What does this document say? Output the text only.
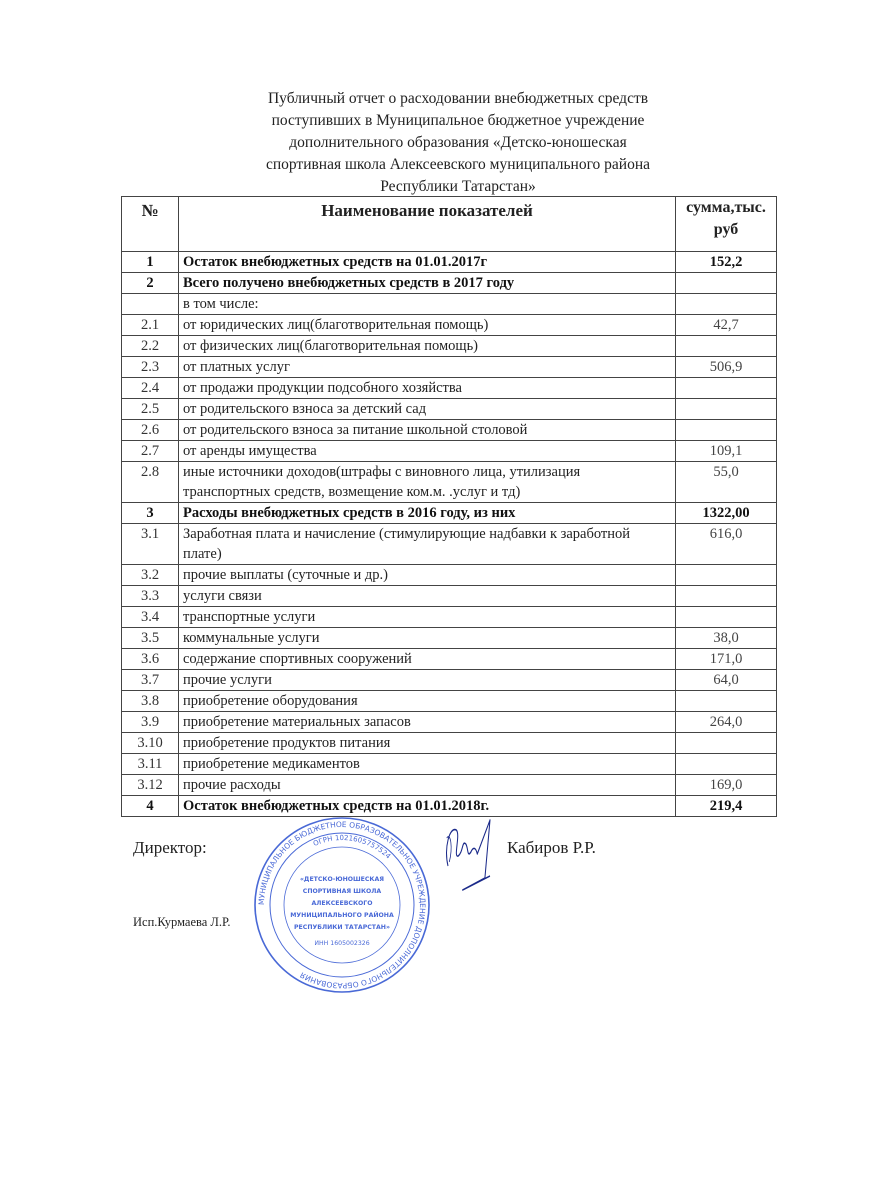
Публичный отчет о расходовании внебюджетных средств
поступивших в Муниципальное бюджетное учреждение
дополнительного образования «Детско-юношеская
спортивная школа Алексеевского муниципального района
Республики Татарстан»
№	Наименование показателей	сумма,тыс.
руб

1	Остаток внебюджетных средств на 01.01.2017г	152,2
2	Всего получено внебюджетных средств в 2017 году	
	в том числе:	
2.1	от юридических лиц(благотворительная помощь)	42,7
2.2	от физических лиц(благотворительная помощь)	
2.3	от платных услуг	506,9
2.4	от продажи продукции подсобного хозяйства	
2.5	от родительского взноса за детский сад	
2.6	от родительского взноса за питание школьной столовой	
2.7	от аренды имущества	109,1
2.8	иные источники доходов(штрафы с виновного лица, утилизация транспортных средств, возмещение ком.м. .услуг и тд)	55,0
3	Расходы внебюджетных средств в 2016 году, из них	1322,00
3.1	Заработная плата и начисление (стимулирующие надбавки к заработной плате)	616,0
3.2	прочие выплаты (суточные и др.)	
3.3	услуги связи	
3.4	транспортные услуги	
3.5	коммунальные услуги	38,0
3.6	содержание спортивных сооружений	171,0
3.7	прочие услуги	64,0
3.8	приобретение оборудования	
3.9	приобретение материальных запасов	264,0
3.10	приобретение продуктов питания	
3.11	приобретение медикаментов	
3.12	прочие расходы	169,0
4	Остаток внебюджетных средств на 01.01.2018г.	219,4
Директор:	Кабиров Р.Р.
Исп.Курмаева Л.Р.
МУНИЦИПАЛЬНОЕ БЮДЖЕТНОЕ ОБРАЗОВАТЕЛЬНОЕ УЧРЕЖДЕНИЕ ДОПОЛНИТЕЛЬНОГО ОБРАЗОВАНИЯ
ОГРН 1021605757524
«ДЕТСКО-ЮНОШЕСКАЯ
СПОРТИВНАЯ ШКОЛА
АЛЕКСЕЕВСКОГО
МУНИЦИПАЛЬНОГО РАЙОНА
РЕСПУБЛИКИ ТАТАРСТАН»
ИНН 1605002326
